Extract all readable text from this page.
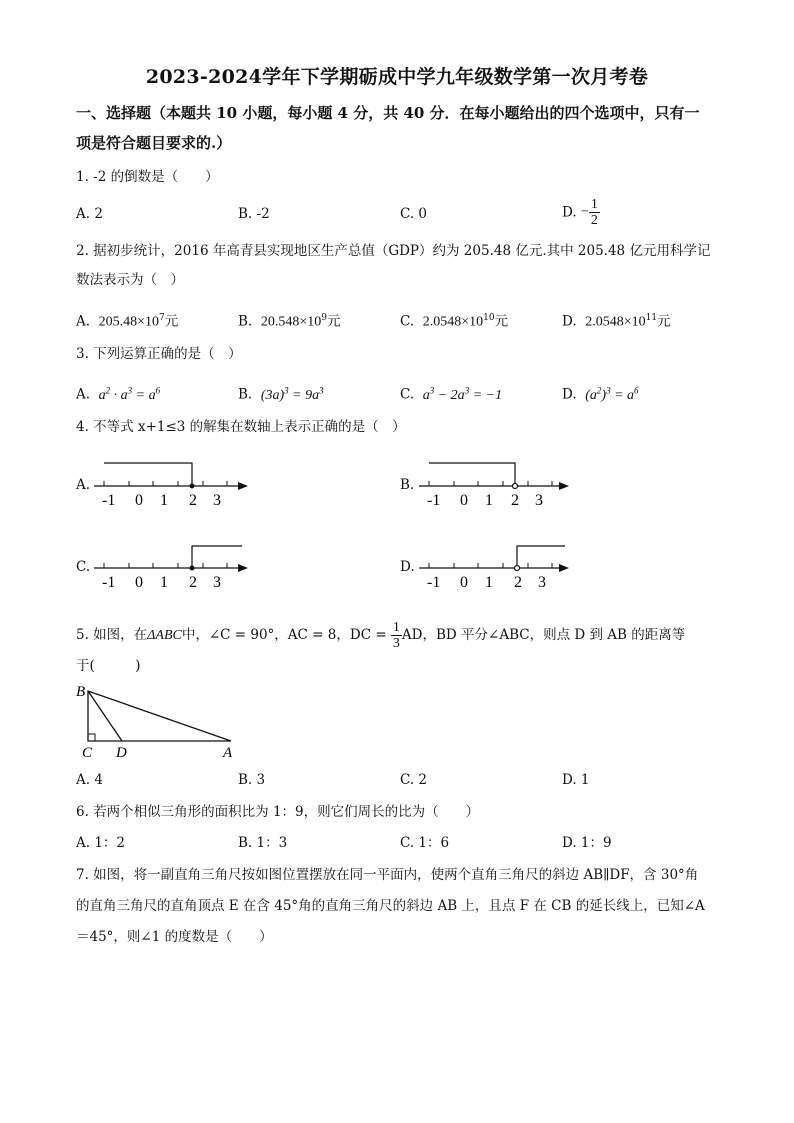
2023-2024学年下学期砺成中学九年级数学第一次月考卷
一、选择题（本题共 10 小题，每小题 4 分，共 40 分．在每小题给出的四个选项中，只有一
项是符合题目要求的.）
1. -2 的倒数是（　　）
A. 2	B. -2	C. 0	D. − $\frac{1}{2}$
2. 据初步统计，2016 年高青县实现地区生产总值（GDP）约为 205.48 亿元.其中 205.48 亿元用科学记
数法表示为（　）
A. $205.48\times 10^7$元	B. $20.548\times 10^9$元	C. $2.0548\times 10^{10}$元	D. $2.0548\times 10^{11}$元
3. 下列运算正确的是（　）
A. $a^2 \cdot a^3 = a^6$	B. $(3a)^3 = 9a^3$	C. $a^3 - 2a^3 = -1$	D. $(a^2)^3 = a^6$
4. 不等式 x+1≤3 的解集在数轴上表示正确的是（　）
A.
-1 0 1 2 3
B.
-1 0 1 2 3
C.
-1 0 1 2 3
D.
-1 0 1 2 3
5. 如图，在ΔABC中，∠C = 90°，AC = 8，DC = $\frac{1}{3}$ AD，BD 平分∠ABC，则点 D 到 AB 的距离等
于(　　　)
B
C D	A
A. 4	B. 3	C. 2	D. 1
6. 若两个相似三角形的面积比为 1：9，则它们周长的比为（　　）
A. 1：2	B. 1：3	C. 1：6	D. 1：9
7. 如图，将一副直角三角尺按如图位置摆放在同一平面内，使两个直角三角尺的斜边 AB∥DF，含 30°角
的直角三角尺的直角顶点 E 在含 45°角的直角三角尺的斜边 AB 上，且点 F 在 CB 的延长线上，已知∠A
＝45°，则∠1 的度数是（　　）
